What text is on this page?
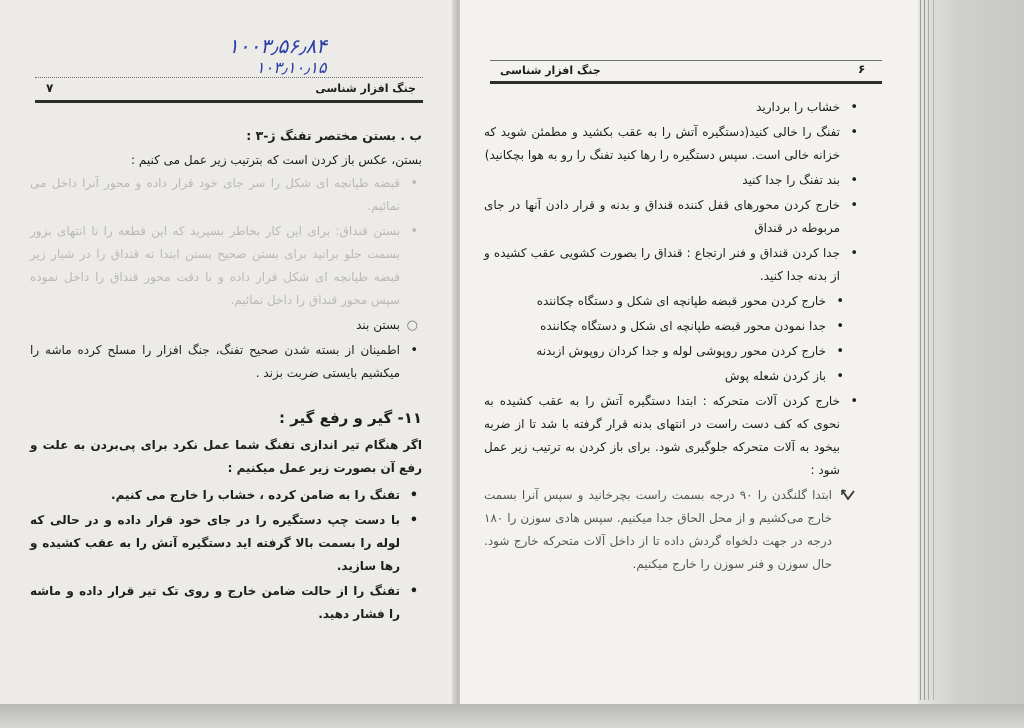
۱۰۰۳٫۵۶٫۸۴
۱۰۳٫۱۰٫۱۵
جنگ افزار شناسی
۷
ب . بستن مختصر تفنگ ژ-۳ :
بستن، عکس باز کردن است که بترتیب زیر عمل می کنیم :
•
قبضه طپانچه ای شکل را سر جای خود قرار داده و محور آنرا داخل می نمائیم.
•
بستن قنداق: برای این کار بخاطر بسپرید که این قطعه را تا انتهای بزور بسمت جلو برانید برای بستن صحیح بستن ابتدا ته قنداق را در شیار زیر قبضه طپانچه ای شکل قرار داده و با دقت محور قنداق را داخل نموده سپس محور قنداق را داخل نمائیم.
○
بستن بند
•
اطمینان از بسته شدن صحیح تفنگ، جنگ افزار را مسلح کرده ماشه را میکشیم بایستی ضربت بزند .
۱۱- گیر و رفع گیر :
اگر هنگام تیر اندازی تفنگ شما عمل نکرد برای پی‌بردن به علت و رفع آن بصورت زیر عمل میکنیم :
•
تفنگ را به ضامن کرده ، خشاب را خارج می کنیم.
•
با دست چپ دستگیره را در جای خود قرار داده و در حالی که لوله را بسمت بالا گرفته اید دستگیره آتش را به عقب کشیده و رها سازید.
•
تفنگ را از حالت ضامن خارج و روی تک تیر قرار داده و ماشه را فشار دهید.
جنگ افزار شناسی	۶
•
خشاب را بردارید
•
تفنگ را خالی کنید(دستگیره آتش را به عقب بکشید و مطمئن شوید که خزانه خالی است. سپس دستگیره را رها کنید تفنگ را رو به هوا بچکانید)
•
بند تفنگ را جدا کنید
•
خارج کردن محورهای قفل کننده قنداق و بدنه و قرار دادن آنها در جای مربوطه در قنداق
•
جدا کردن قنداق و فنر ارتجاع : قنداق را بصورت کشویی عقب کشیده و از بدنه جدا کنید.
•
خارج کردن محور قبضه طپانچه ای شکل و دستگاه چکاننده
•
جدا نمودن محور قبضه طپانچه ای شکل و دستگاه چکاننده
•
خارج کردن محور روپوشی لوله و جدا کردان روپوش ازبدنه
•
باز کردن شعله پوش
•
خارج کردن آلات متحرکه : ابتدا دستگیره آتش را به عقب کشیده به نحوی که کف دست راست در انتهای بدنه قرار گرفته با شد تا از ضربه بیخود به آلات متحرکه جلوگیری شود. برای باز کردن به ترتیب زیر عمل شود :
ابتدا گلنگدن را ۹۰ درجه بسمت راست بچرخانید و سپس آنرا بسمت خارج می‌کشیم و از محل الحاق جدا میکنیم. سپس هادی سوزن را ۱۸۰ درجه در جهت دلخواه گردش داده تا از داخل آلات متحرکه خارج شود. حال سوزن و فنر سوزن را خارج میکنیم.
